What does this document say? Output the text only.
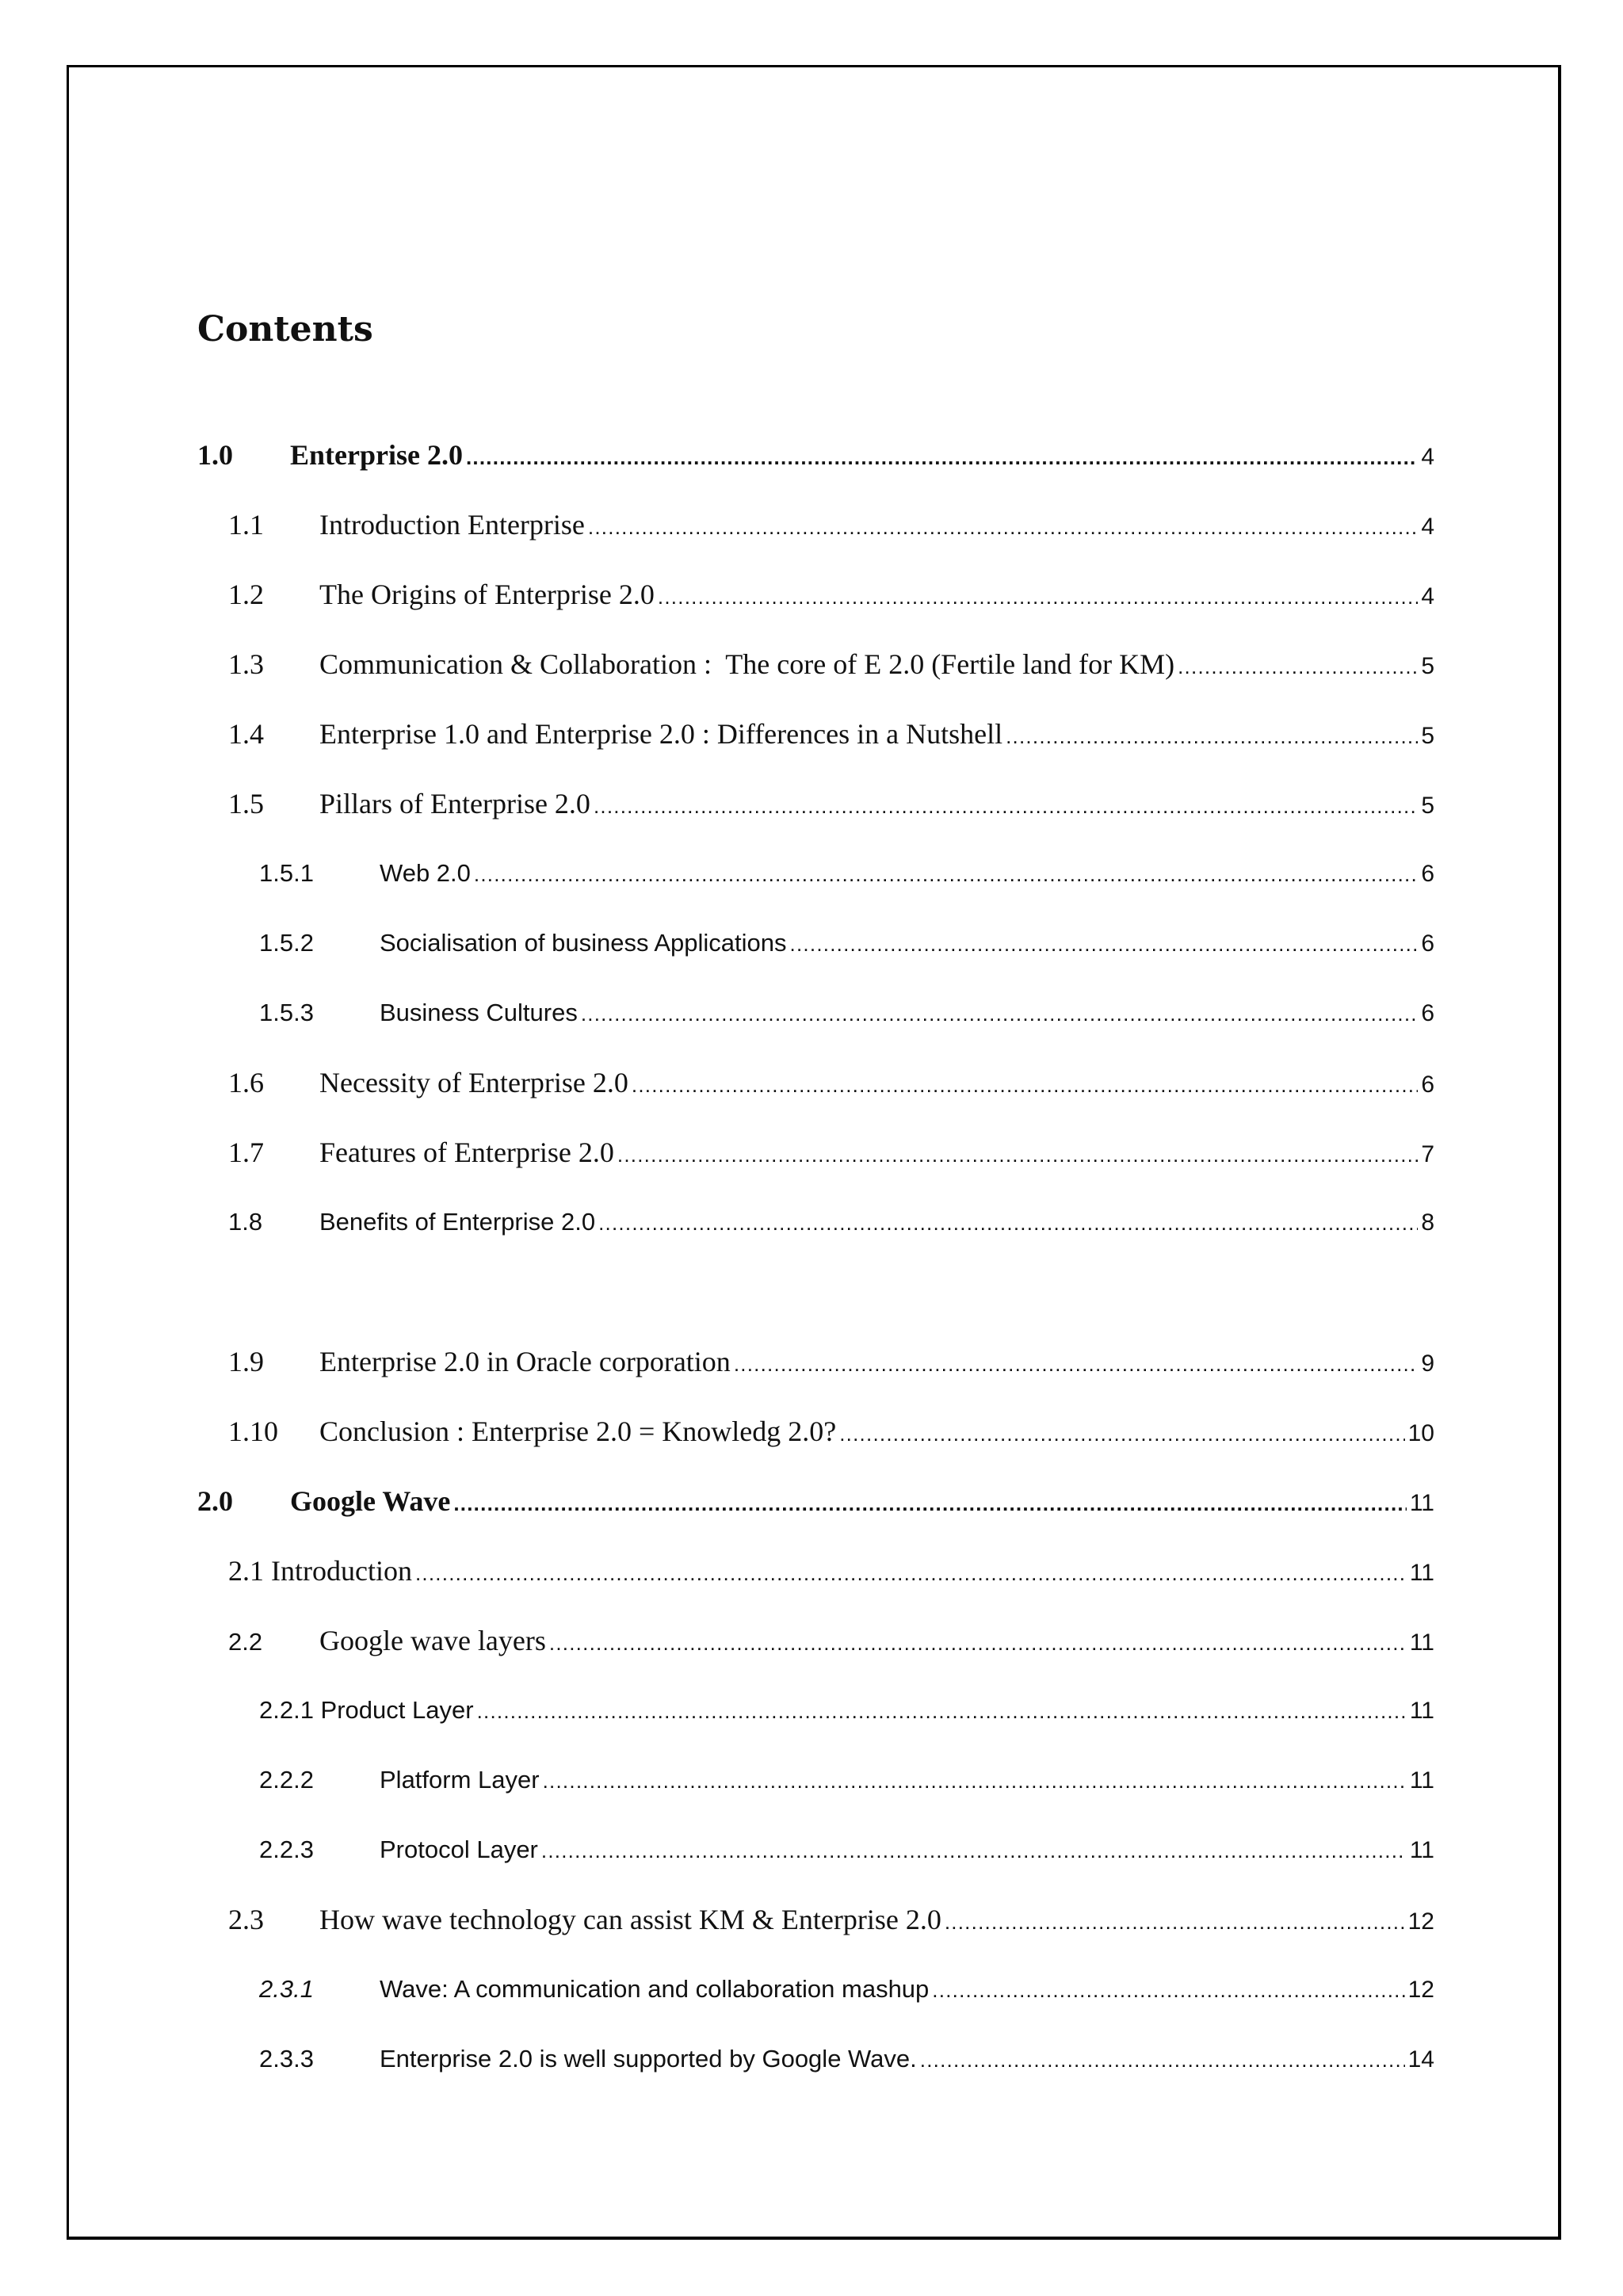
Contents
1.0	Enterprise 2.0 . . .	4
1.1	Introduction Enterprise . . .	4
1.2	The Origins of Enterprise 2.0 . . .	4
1.3	Communication & Collaboration :  The core of E 2.0 (Fertile land for KM) . . .	5
1.4	Enterprise 1.0 and Enterprise 2.0 : Differences in a Nutshell . . .	5
1.5	Pillars of Enterprise 2.0 . . .	5
1.5.1	Web 2.0 . . .	6
1.5.2	Socialisation of business Applications . . .	6
1.5.3	Business Cultures . . .	6
1.6	Necessity of Enterprise 2.0 . . .	6
1.7	Features of Enterprise 2.0 . . .	7
1.8	Benefits of Enterprise 2.0 . . .	8
1.9	Enterprise 2.0 in Oracle corporation . . .	9
1.10	Conclusion : Enterprise 2.0 = Knowledg 2.0? . . .	10
2.0	Google Wave . . .	11
2.1 Introduction . . .	11
2.2	Google wave layers . . .	11
2.2.1 Product Layer . . .	11
2.2.2	Platform Layer . . .	11
2.2.3	Protocol Layer . . .	11
2.3	How wave technology can assist KM & Enterprise 2.0 . . .	12
2.3.1	Wave: A communication and collaboration mashup . . .	12
2.3.3	Enterprise 2.0 is well supported by Google Wave. . . .	14
